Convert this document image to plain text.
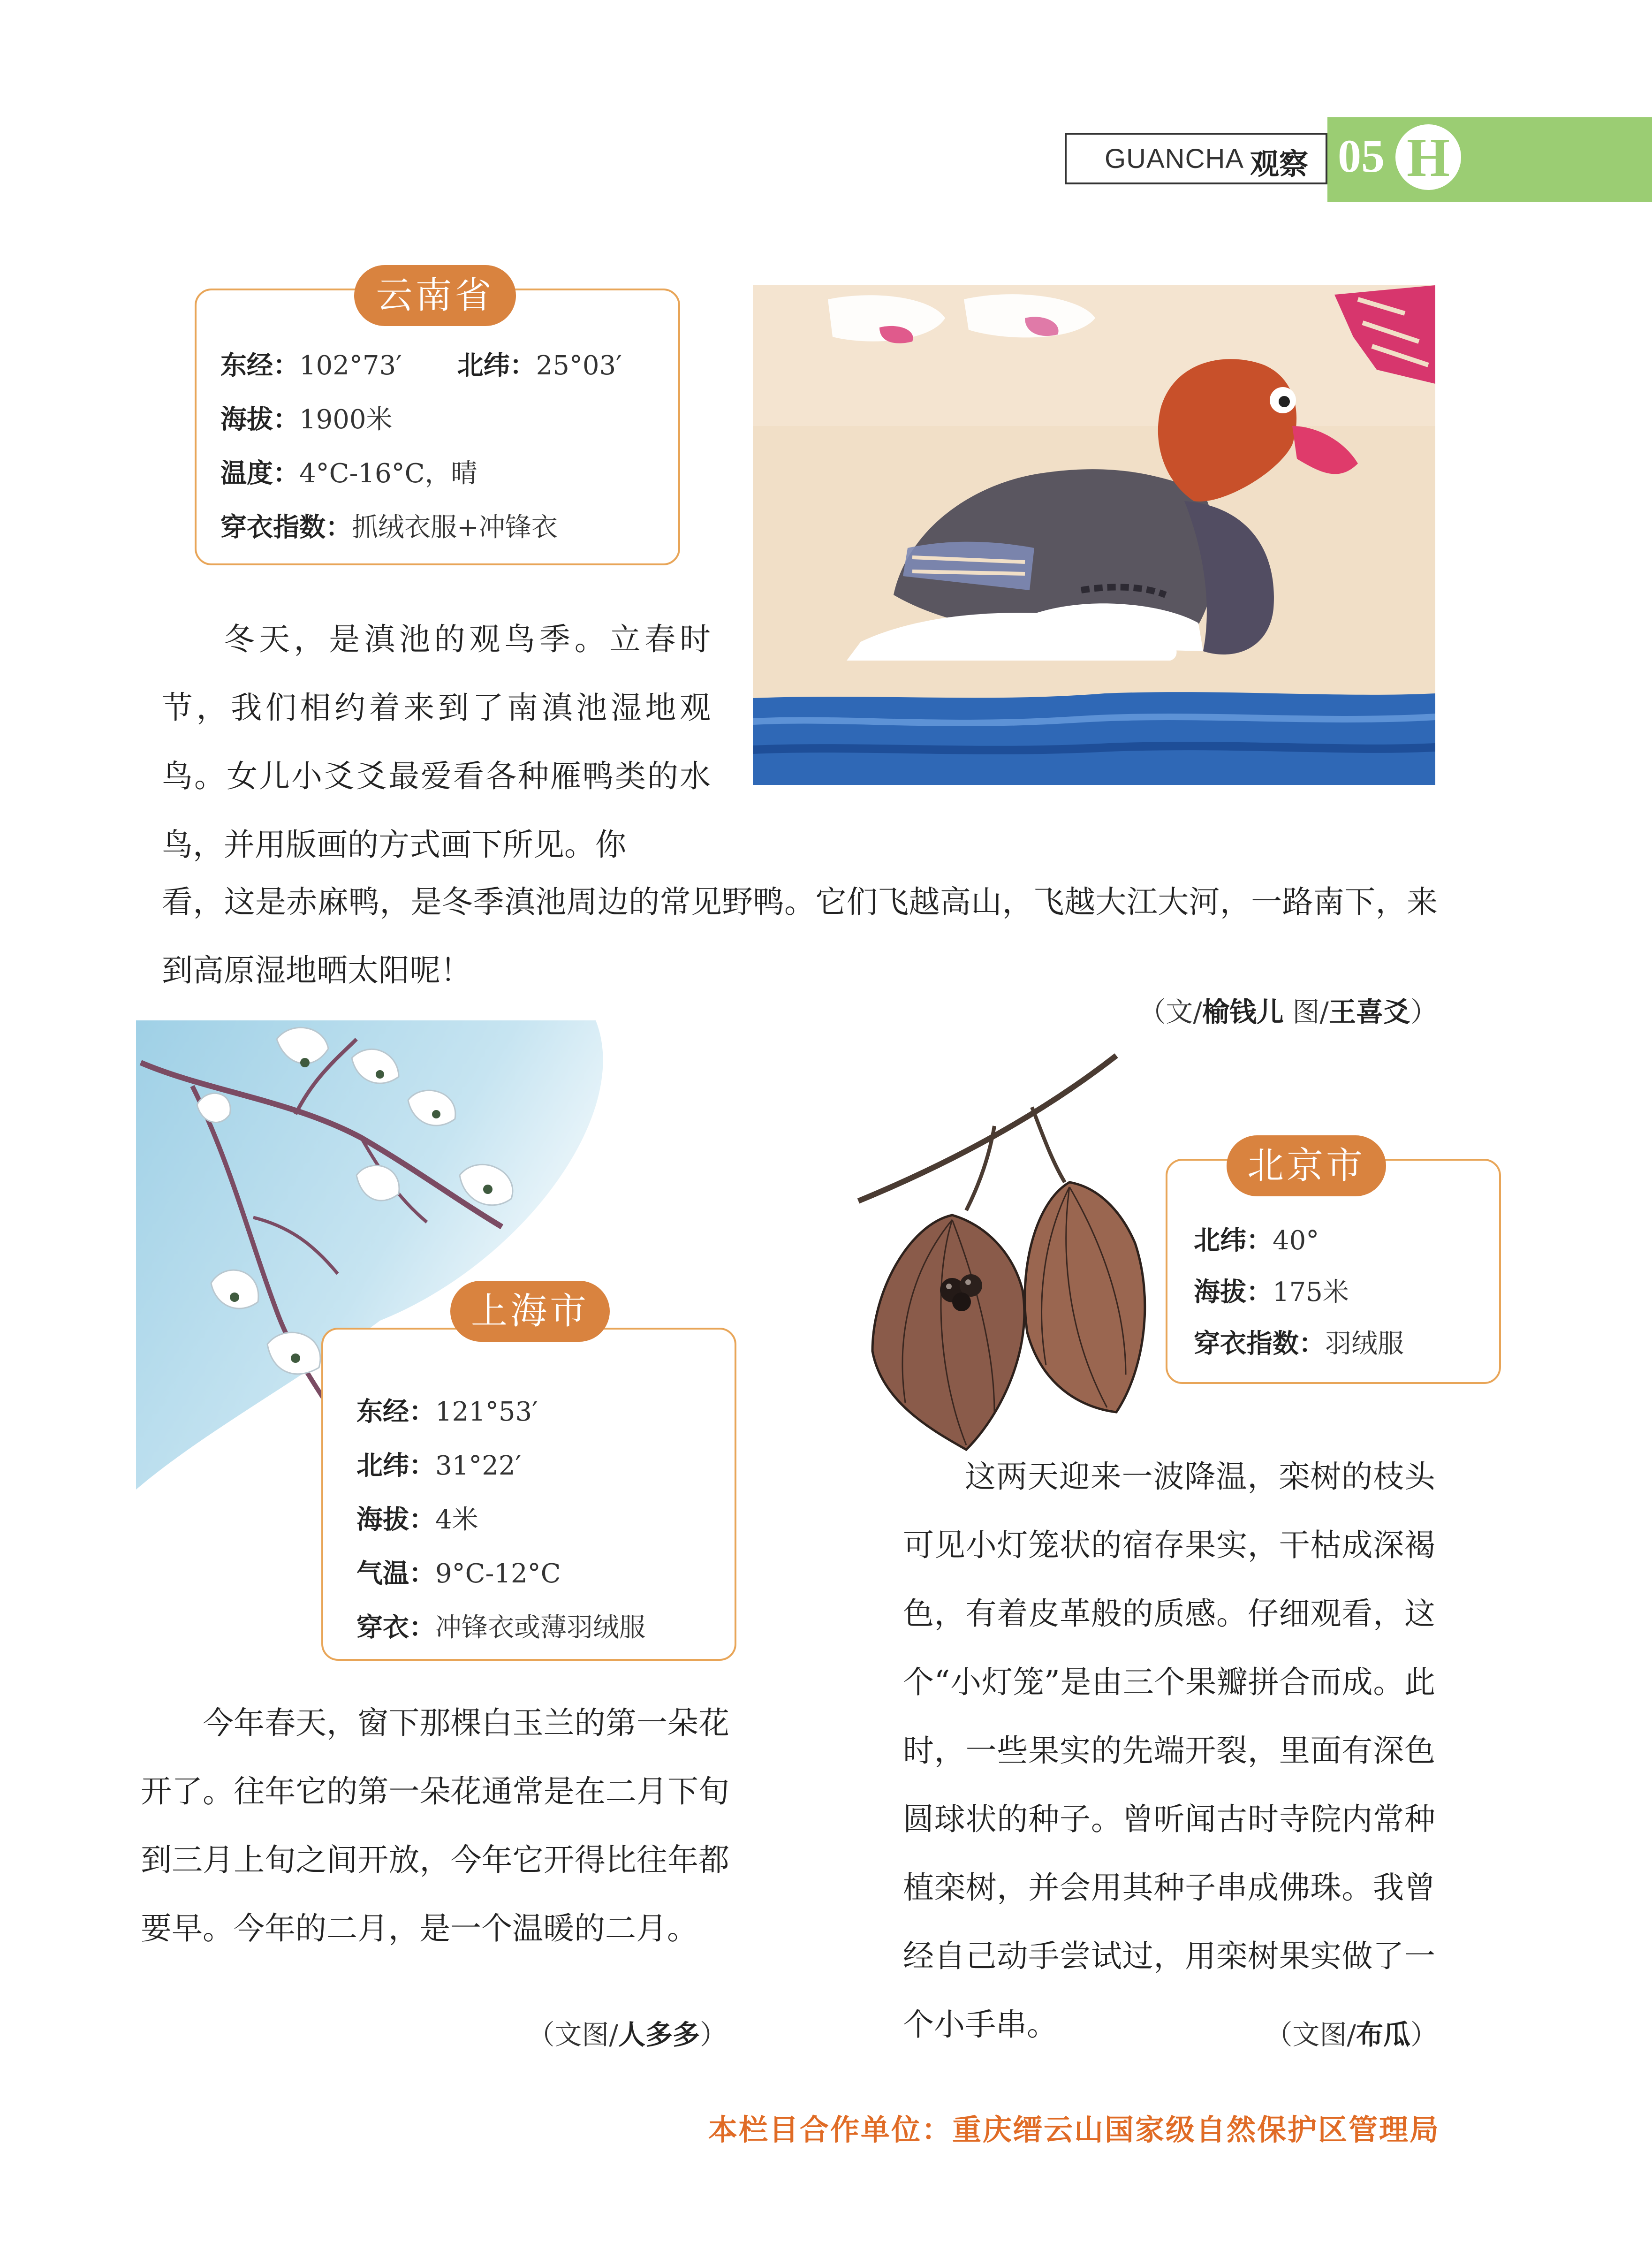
GUANCHA 观察 05 H
云南省
东经：102°73′ 北纬：25°03′
海拔：1900米
温度：4°C-16°C，晴
穿衣指数：抓绒衣服+冲锋衣
冬天，是滇池的观鸟季。立春时节，我们相约着来到了南滇池湿地观鸟。女儿小爻爻最爱看各种雁鸭类的水鸟，并用版画的方式画下所见。你
看，这是赤麻鸭，是冬季滇池周边的常见野鸭。它们飞越高山，飞越大江大河，一路南下，来到高原湿地晒太阳呢！
（文/榆钱儿 图/王喜爻）
上海市
东经：121°53′
北纬：31°22′
海拔：4米
气温：9°C-12°C
穿衣：冲锋衣或薄羽绒服
今年春天，窗下那棵白玉兰的第一朵花开了。往年它的第一朵花通常是在二月下旬到三月上旬之间开放，今年它开得比往年都要早。今年的二月，是一个温暖的二月。
（文图/人多多）
北京市
北纬：40°
海拔：175米
穿衣指数：羽绒服
这两天迎来一波降温，栾树的枝头可见小灯笼状的宿存果实，干枯成深褐色，有着皮革般的质感。仔细观看，这个“小灯笼”是由三个果瓣拼合而成。此时，一些果实的先端开裂，里面有深色圆球状的种子。曾听闻古时寺院内常种植栾树，并会用其种子串成佛珠。我曾经自己动手尝试过，用栾树果实做了一个小手串。	（文图/布瓜）
本栏目合作单位：重庆缙云山国家级自然保护区管理局
